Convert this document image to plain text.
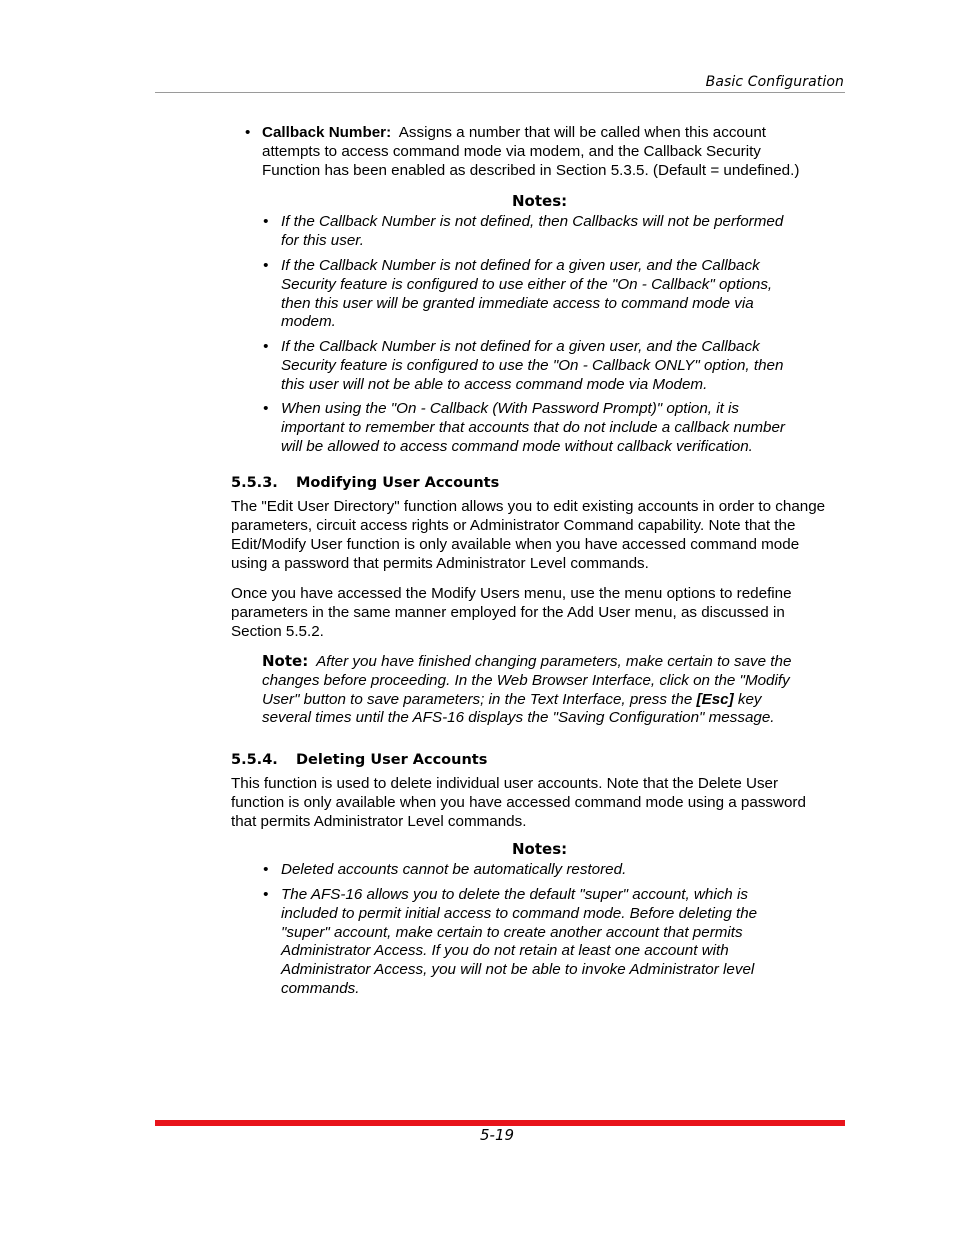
Basic Configuration
• Callback Number: Assigns a number that will be called when this account
attempts to access command mode via modem, and the Callback Security
Function has been enabled as described in Section 5.3.5. (Default = undefined.)
Notes:
• If the Callback Number is not defined, then Callbacks will not be performed
for this user.
• If the Callback Number is not defined for a given user, and the Callback
Security feature is configured to use either of the "On - Callback" options,
then this user will be granted immediate access to command mode via
modem.
• If the Callback Number is not defined for a given user, and the Callback
Security feature is configured to use the "On - Callback ONLY" option, then
this user will not be able to access command mode via Modem.
• When using the "On - Callback (With Password Prompt)" option, it is
important to remember that accounts that do not include a callback number
will be allowed to access command mode without callback verification.
5.5.3. Modifying User Accounts
The "Edit User Directory" function allows you to edit existing accounts in order to change
parameters, circuit access rights or Administrator Command capability. Note that the
Edit/Modify User function is only available when you have accessed command mode
using a password that permits Administrator Level commands.
Once you have accessed the Modify Users menu, use the menu options to redefine
parameters in the same manner employed for the Add User menu, as discussed in
Section 5.5.2.
Note: After you have finished changing parameters, make certain to save the
changes before proceeding. In the Web Browser Interface, click on the "Modify
User" button to save parameters; in the Text Interface, press the [Esc] key
several times until the AFS-16 displays the "Saving Configuration" message.
5.5.4. Deleting User Accounts
This function is used to delete individual user accounts. Note that the Delete User
function is only available when you have accessed command mode using a password
that permits Administrator Level commands.
Notes:
• Deleted accounts cannot be automatically restored.
• The AFS-16 allows you to delete the default "super" account, which is
included to permit initial access to command mode. Before deleting the
"super" account, make certain to create another account that permits
Administrator Access. If you do not retain at least one account with
Administrator Access, you will not be able to invoke Administrator level
commands.
5-19
